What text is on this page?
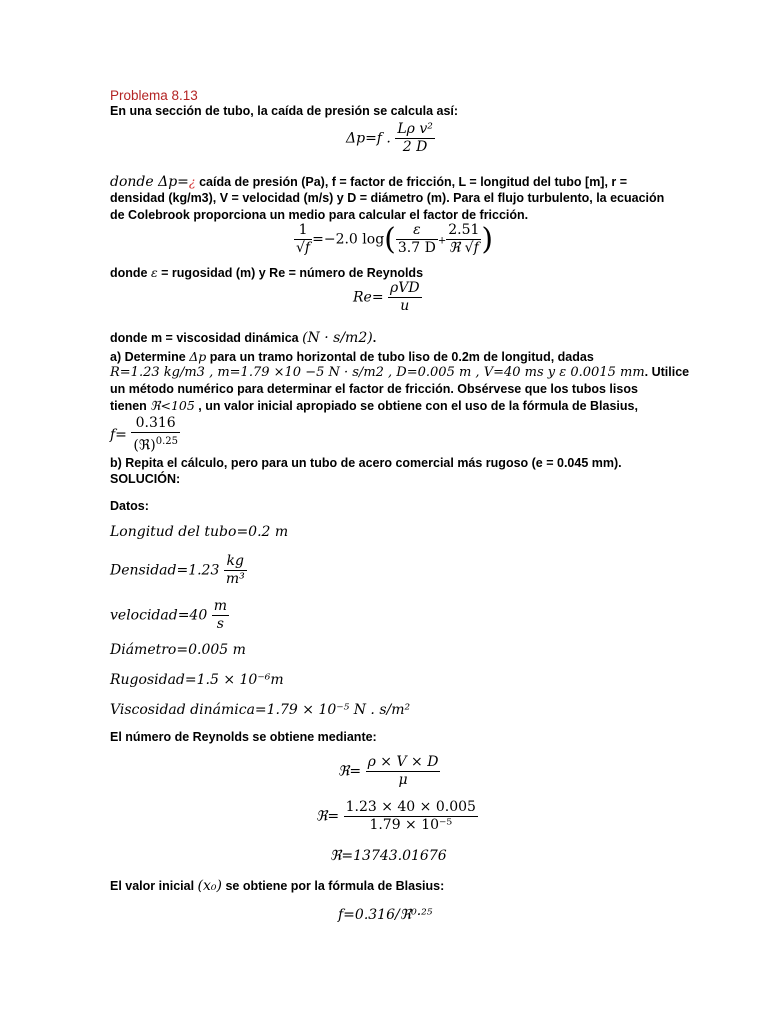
Problema 8.13
En una sección de tubo, la caída de presión se calcula así:
Δp=f . $\frac{\text{Lρ v²}}{2 D}$
donde Δp=¿ caída de presión (Pa), f = factor de fricción, L = longitud del tubo [m], r =
densidad (kg/m3), V = velocidad (m/s) y D = diámetro (m). Para el flujo turbulento, la ecuación
de Colebrook proporciona un medio para calcular el factor de fricción.
$\frac{1}{√f} =-2.0$ $\log( \frac{\varepsilon}{3.7 D} + \frac{2.51}{\text{ℜ √f}}$ )
donde ε = rugosidad (m) y Re = número de Reynolds
$Re= \frac{\text{ρVD}}{u}$
donde m = viscosidad dinámica (N · s/m2).
a) Determine Δp para un tramo horizontal de tubo liso de 0.2m de longitud, dadas
R=1.23 kg/m3 , m=1.79 ×10 −5 N · s/m2 , D=0.005 m , V=40 ms y ε 0.0015 mm. Utilice
un método numérico para determinar el factor de fricción. Obsérvese que los tubos lisos
tienen ℜ<105 , un valor inicial apropiado se obtiene con el uso de la fórmula de Blasius,
$f= \frac{0.316}{(ℜ)^{0.25}}$
b) Repita el cálculo, pero para un tubo de acero comercial más rugoso (e = 0.045 mm).
SOLUCIÓN:
Datos:
Longitud del tubo=0.2 m
Densidad=1.23 $\frac{kg}{\text{m³}}$
velocidad=40 $\frac{m}{s}$
Diámetro=0.005 m
Rugosidad=1.5 × 10⁻⁶m
Viscosidad dinámica=1.79 × 10⁻⁵ N . s/m²
El número de Reynolds se obtiene mediante:
ℜ= $\frac{\rho \times V \times D}{\mu}$
ℜ= $\frac{1.23 \times 40 \times 0.005}{\text{1.79 × 10⁻⁵}}$
ℜ=13743.01676
El valor inicial (x₀) se obtiene por la fórmula de Blasius:
f=0.316/ℜ⁰·²⁵
